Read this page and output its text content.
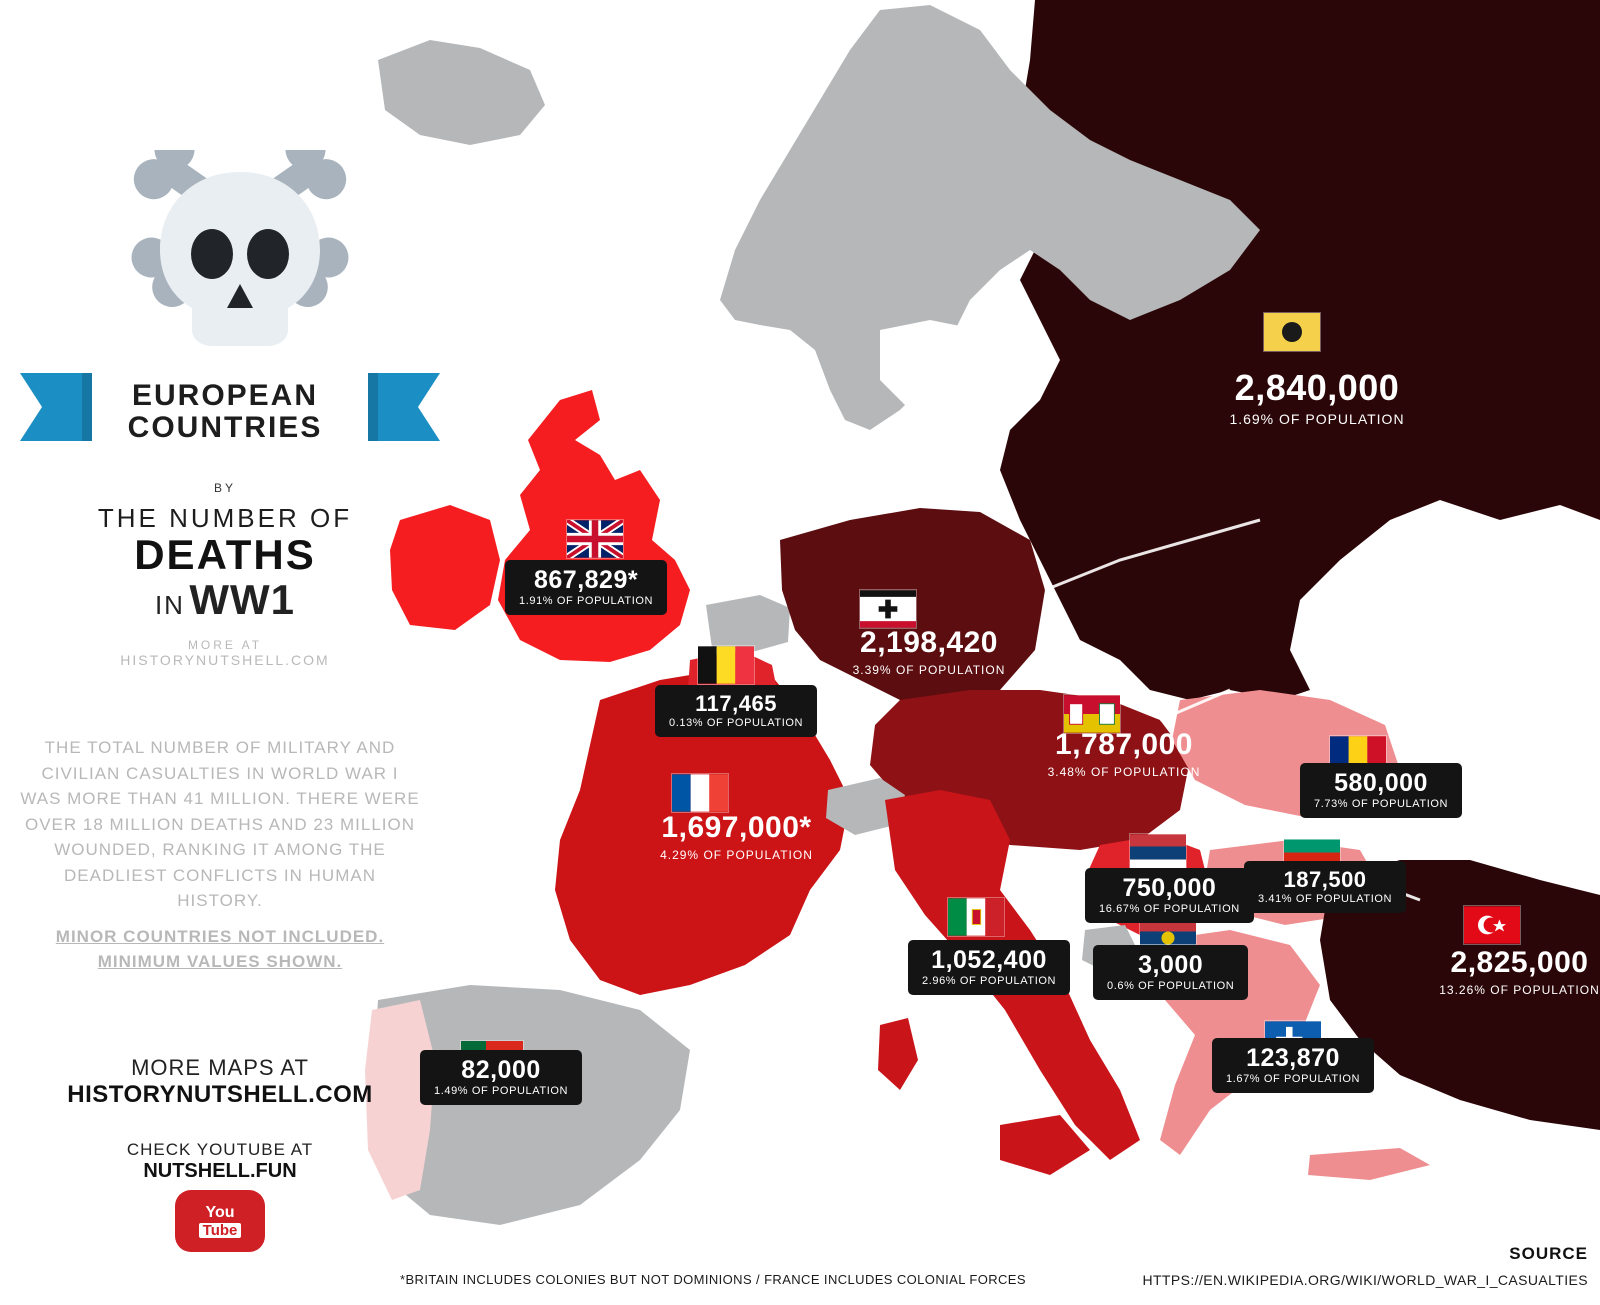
EUROPEAN
COUNTRIES
BY
THE NUMBER OF
DEATHS
IN WW1
MORE AT
HISTORYNUTSHELL.COM
THE TOTAL NUMBER OF MILITARY AND CIVILIAN CASUALTIES IN WORLD WAR I WAS MORE THAN 41 MILLION. THERE WERE OVER 18 MILLION DEATHS AND 23 MILLION WOUNDED, RANKING IT AMONG THE DEADLIEST CONFLICTS IN HUMAN HISTORY.
MINOR COUNTRIES NOT INCLUDED.
MINIMUM VALUES SHOWN.
MORE MAPS AT
HISTORYNUTSHELL.COM
CHECK YOUTUBE AT
NUTSHELL.FUN
You
Tube
2,840,000
1.69% OF POPULATION
867,829*
1.91% OF POPULATION
2,198,420
3.39% OF POPULATION
117,465
0.13% OF POPULATION
1,697,000*
4.29% OF POPULATION
1,787,000
3.48% OF POPULATION	580,000
7.73% OF POPULATION
187,500
3.41% OF POPULATION
750,000
16.67% OF POPULATION
1,052,400
2.96% OF POPULATION
3,000
0.6% OF POPULATION
123,870
1.67% OF POPULATION
2,825,000
13.26% OF POPULATION
82,000
1.49% OF POPULATION
*BRITAIN INCLUDES COLONIES BUT NOT DOMINIONS / FRANCE INCLUDES COLONIAL FORCES
SOURCE
HTTPS://EN.WIKIPEDIA.ORG/WIKI/WORLD_WAR_I_CASUALTIES
